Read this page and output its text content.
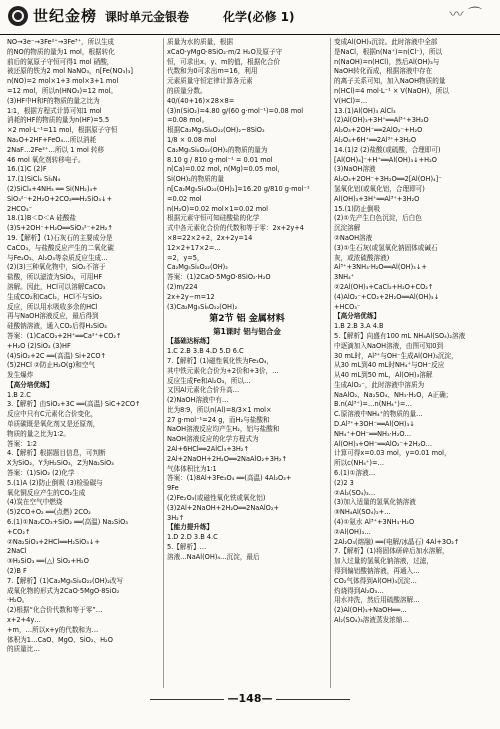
世纪金榜 课时单元金银卷	化学(必修 1)	〰 ⌒
NO→3e⁻→3Fe²⁺→3Fe³⁺，所以生成
的NO的物质的量为1 mol，根据转化
前后的氮原子守恒可得1 mol 硝酸，
被还原的铁为2 mol NaNO₃，n[Fe(NO₃)₃]
n(NO)=2 mol×1+3 mol×3+1 mol
=12 mol，所以n(HNO₃)=12 mol。
(3)HF中H和F的物质的量之比为
1∶1，根据方程式计算可知1 mol
消耗的HF的物质的量为n(HF)=5.5
×2 mol·L⁻¹=11 mol，根据原子守恒
Na₂O+2HF+FeO₄…所以消耗
2NaF…2Fe²⁺…所以 1 mol 转移
46 mol 氧化剂转移电子。
16.(1)C (2)F
17.(1)SiCl₄ Si₃N₄
(2)SiCl₄+4NH₃ ══ Si(NH₂)₄+
SiO₃²⁻+2H₂O+2CO₂══H₂SiO₃↓+
2HCO₃⁻
18.(1)B＜D＜A 硅酸盐
(3)S+2OH⁻+H₂O══SiO₃²⁻+2H₂↑
19.【解析】(1)石灰石的主要成分是
CaCO₃，与盐酸反应产生的二氧化碳
与Fe₂O₃、Al₂O₃等杂质反应生成…
(2)(3)三种氧化物中，SiO₂不溶于
盐酸，所以滤渣为SiO₂，可用HF
溶解。因此，HCl可以溶解CaCO₃
生成CO₂和CaCl₂，HCl不与SiO₂
反应，所以用水吸收多余的HCl
再与NaOH溶液反应，最后得到
硅酸钠溶液，通入CO₂后得H₂SiO₃
答案：(1)CaCO₃+2H⁺══Ca²⁺+CO₂↑
+H₂O (2)SiO₂ (3)HF
(4)SiO₂+2C ══(高温) Si+2CO↑
(5)2HCl ②防止H₂O(g)和空气
发生爆炸
【高分培优练】
1.B 2.C
3.【解析】由SiO₂+3C ══(高温) SiC+2CO↑
反应中只有C元素化合价变化，
单质碳既是氧化剂又是还原剂，
物质的量之比为1∶2。
答案：1∶2
4.【解析】根据题目信息，可判断
X为SiO₂，Y为H₂SiO₃，Z为Na₂SiO₃
答案：(1)SiO₂ (2)化学
5.(1)A (2)防止倒吸 (3)检验碳与
氧化铜反应产生的CO₂生成
(4)炭在空气中燃烧
(5)2CO+O₂ ══(点燃) 2CO₂
6.(1)①Na₂CO₃+SiO₂ ══(高温) Na₂SiO₃
+CO₂↑
②Na₂SiO₃+2HCl══H₂SiO₃↓+
2NaCl
③H₂SiO₃ ══(△) SiO₂+H₂O
(2)B F
7.【解析】(1)Ca₂Mg₅Si₈O₂₂(OH)₂改写
成氧化物的形式为2CaO·5MgO·8SiO₂
·H₂O。
(2)根据“化合价代数和等于零”…
x+2+4y…
+m，…所以x+y的代数和为…
体积为1…CaO、MgO、SiO₂、H₂O
的质量比…
质量为水的质量，根据
xCaO·yMgO·8SiO₂·m/2 H₂O及原子守
恒，可求出x、y、m的值，根据化合价
代数和为0可求出m=16，利用
元素质量守恒定律计算各元素
的质量分数。
40/(40+16)×28×8=
(3)n(SiO₂)=4.80 g/(60 g·mol⁻¹)=0.08 mol
=0.08 mol。
根据Ca₂Mg₅Si₈O₂₂(OH)₂~8SiO₂
1/8 × 0.08 mol
Ca₂Mg₅Si₈O₂₂(OH)₂的物质的量为
8.10 g / 810 g·mol⁻¹ = 0.01 mol
n(Ca)=0.02 mol, n(Mg)=0.05 mol，
Si(OH)₂的物质的量
n[Ca₂Mg₅Si₈O₂₂(OH)₂]=16.20 g/810 g·mol⁻¹
=0.02 mol
n(H₂O)=0.02 mol×1=0.02 mol
根据元素守恒可知硅酸盐的化学
式中各元素化合价的代数和等于零：2x+2y+4
×8=22×2+2，2x+2y=14
12×2+17×2=…
=2，y=5，
Ca₂Mg₅Si₈O₂₂(OH)₂
答案：(1)2CaO·5MgO·8SiO₂·H₂O
(2)m/224
2x+2y−m=12
(3)Ca₂Mg₅Si₈O₂₂(OH)₂
第2节 铝 金属材料
第1课时 铝与铝合金
【基础达标练】
1.C 2.B 3.B 4.D 5.D 6.C
7.【解析】(1)磁性氧化铁为Fe₃O₄，
其中铁元素化合价为+2价和+3价，…
反应生成Fe和Al₂O₃，所以…
又因Al元素化合价升高…
(2)NaOH溶液中有…
比为8∶9，所以n(Al)=8/3×1 mol×
27 g·mol⁻¹=24 g，而H₂与盐酸和
NaOH溶液反应均产生H₂，铝与盐酸和
NaOH溶液反应的化学方程式为
2Al+6HCl══2AlCl₃+3H₂↑
2Al+2NaOH+2H₂O══2NaAlO₂+3H₂↑
气体体积比为1∶1
答案：(1)8Al+3Fe₃O₄ ══(高温) 4Al₂O₃+
9Fe
(2)Fe₂O₃(或磁性氧化铁或氧化铝)
(3)2Al+2NaOH+2H₂O══2NaAlO₂+
3H₂↑
【能力提升练】
1.D 2.D 3.B 4.C
5.【解析】…
溶液…NaAl(OH)₄…沉淀，最后
变成Al(OH)₃沉淀。此时溶液中全部
是NaCl，根据n(Na⁺)=n(Cl⁻)，所以
n(NaOH)=n(HCl)，然后Al(OH)₃与
NaOH转化而成，根据溶液中存在
的离子关系可知，加入NaOH物质的量
n(HCl)=4 mol·L⁻¹ × V(NaOH)，所以
V(HCl)=…
13.(1)Al(OH)₃ AlCl₃
(2)Al(OH)₃+3H⁺══Al³⁺+3H₂O
Al₂O₃+2OH⁻══2AlO₂⁻+H₂O
Al₂O₃+6H⁺══2Al³⁺+3H₂O
14.(1)2 (2)盐酸(或硫酸，合理即可)
[Al(OH)₄]⁻+H⁺══Al(OH)₃↓+H₂O
(3)NaOH溶液
Al₂O₃+2OH⁻+3H₂O══2[Al(OH)₄]⁻
氢氧化铝(或氧化铝，合理即可)
Al(OH)₃+3H⁺══Al³⁺+3H₂O
15.(1)防止倒吸
(2)①先产生白色沉淀，后白色
沉淀溶解
②NaOH溶液
(3)①生石灰(或氢氧化钠固体或碱石
灰，或浓硫酸溶液)
Al³⁺+3NH₃·H₂O══Al(OH)₃↓+
3NH₄⁺
②2Al(OH)₃+CaCl₂+H₂O+CO₂↑
(4)AlO₂⁻+CO₂+2H₂O══Al(OH)₃↓
+HCO₃⁻
【高分培优练】
1.B 2.B 3.A 4.B
5.【解析】向盛有100 mL NH₄Al(SO₄)₂溶液
中逐滴加入NaOH溶液，由图可知0到
30 mL时，Al³⁺与OH⁻生成Al(OH)₃沉淀，
从30 mL到40 mL时NH₄⁺与OH⁻反应
从40 mL到50 mL，Al(OH)₃溶解
生成AlO₂⁻，此时溶液中溶质为
NaAlO₂、Na₂SO₄、NH₃·H₂O，A正确；
B.n(Al³⁺)=…n(NH₄⁺)=…
C.原溶液中NH₄⁺的物质的量…
D.Al³⁺+3OH⁻══Al(OH)₃↓
NH₄⁺+OH⁻══NH₃·H₂O…
Al(OH)₃+OH⁻══AlO₂⁻+2H₂O…
计算可得x=0.03 mol，y=0.01 mol，
所以c(NH₄⁺)=…
6.(1)①溶液…
(2)2 3
②Al₂(SO₄)₃…
(3)加入适量的氢氧化钠溶液
③NH₄Al(SO₄)₂+…
(4)①氨水 Al³⁺+3NH₃·H₂O
②Al(OH)₃…
2Al₂O₃(熔融) ══(电解/冰晶石) 4Al+3O₂↑
7.【解析】(1)将固体研碎后加水溶解，
加入过量的氢氧化钠溶液，过滤，
得到偏铝酸钠溶液，再通入…
CO₂气体得到Al(OH)₃沉淀…
灼烧得到Al₂O₃…
用水冲洗，然后用硫酸溶解…
(2)Al(OH)₃+NaOH══…
Al₂(SO₄)₃溶液蒸发浓缩…
—148—
